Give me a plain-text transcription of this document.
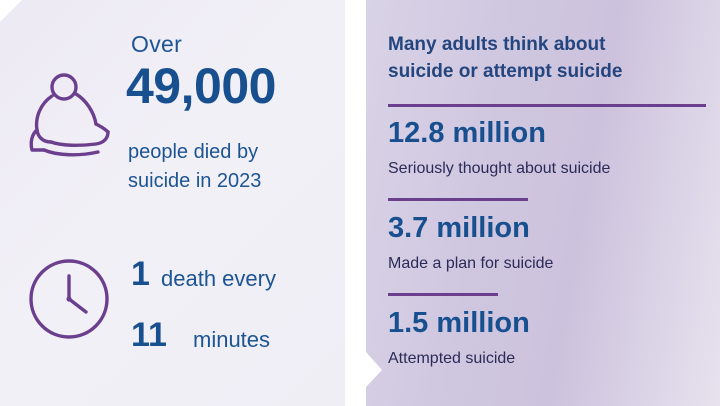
Over
49,000
people died by
suicide in 2023
1 death every
11 minutes
Many adults think about
suicide or attempt suicide
12.8 million
Seriously thought about suicide
3.7 million
Made a plan for suicide
1.5 million
Attempted suicide
